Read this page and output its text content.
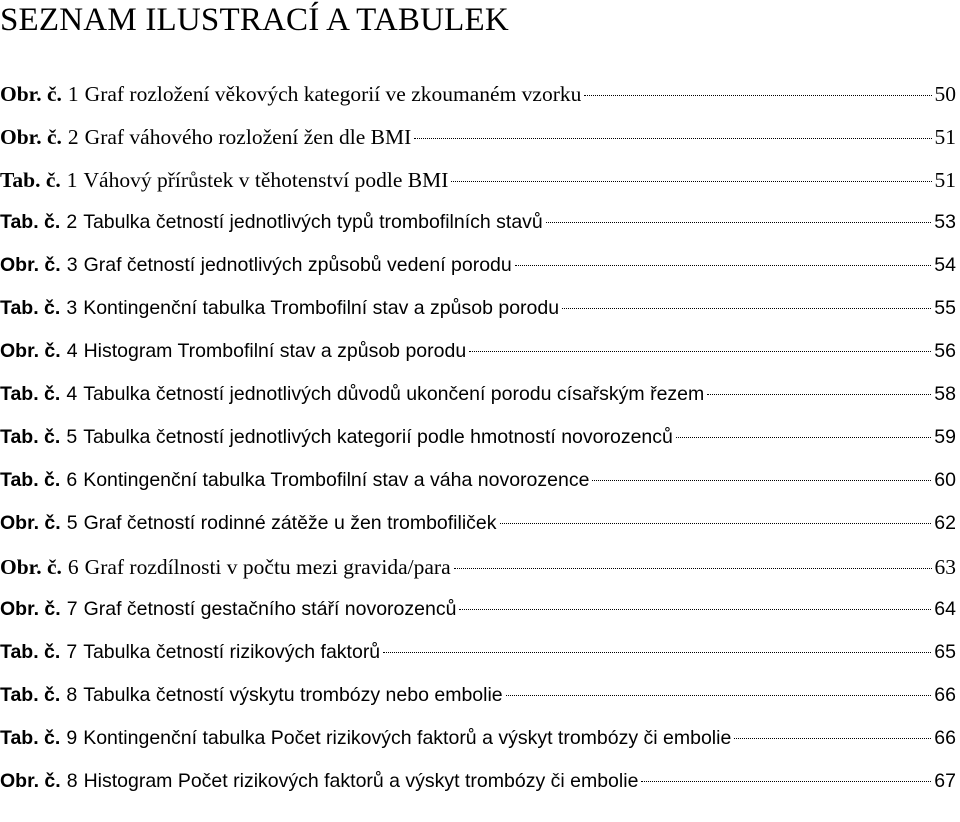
SEZNAM ILUSTRACÍ A TABULEK
Obr. č. 1 Graf rozložení věkových kategorií ve zkoumaném vzorku	50
Obr. č. 2 Graf váhového rozložení žen dle BMI	51
Tab. č. 1 Váhový přírůstek v těhotenství podle BMI	51
Tab. č. 2 Tabulka četností jednotlivých typů trombofilních stavů	53
Obr. č. 3 Graf četností jednotlivých způsobů vedení porodu	54
Tab. č. 3 Kontingenční tabulka Trombofilní stav a způsob porodu	55
Obr. č. 4 Histogram Trombofilní stav a způsob porodu	56
Tab. č. 4 Tabulka četností jednotlivých důvodů ukončení porodu císařským řezem	58
Tab. č. 5 Tabulka četností jednotlivých kategorií podle hmotností novorozenců	59
Tab. č. 6 Kontingenční tabulka Trombofilní stav a váha novorozence	60
Obr. č. 5 Graf četností rodinné zátěže u žen trombofiliček	62
Obr. č. 6 Graf rozdílnosti v počtu mezi gravida/para	63
Obr. č. 7 Graf četností gestačního stáří novorozenců	64
Tab. č. 7 Tabulka četností rizikových faktorů	65
Tab. č. 8 Tabulka četností výskytu trombózy nebo embolie	66
Tab. č. 9 Kontingenční tabulka Počet rizikových faktorů a výskyt trombózy či embolie	66
Obr. č. 8 Histogram Počet rizikových faktorů a výskyt trombózy či embolie	67
